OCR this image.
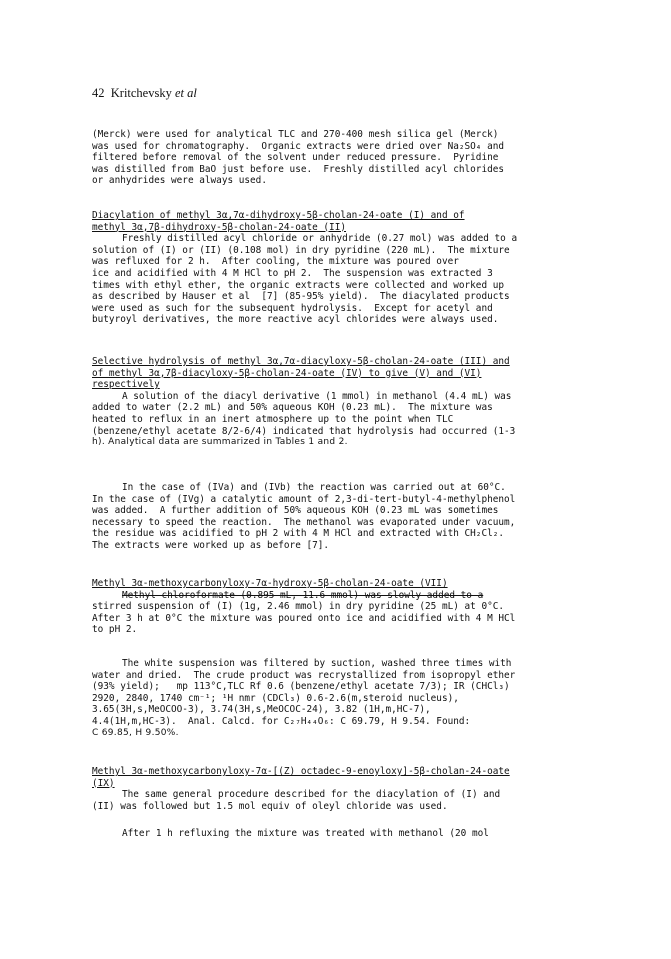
42 Kritchevsky et al
(Merck) were used for analytical TLC and 270-400 mesh silica gel (Merck)
was used for chromatography.  Organic extracts were dried over Na₂SO₄ and
filtered before removal of the solvent under reduced pressure.  Pyridine
was distilled from BaO just before use.  Freshly distilled acyl chlorides
or anhydrides were always used.
Diacylation of methyl 3α,7α-dihydroxy-5β-cholan-24-oate (I) and of
methyl 3α,7β-dihydroxy-5β-cholan-24-oate (II)
Freshly distilled acyl chloride or anhydride (0.27 mol) was added to a
solution of (I) or (II) (0.108 mol) in dry pyridine (220 mL).  The mixture
was refluxed for 2 h.  After cooling, the mixture was poured over
ice and acidified with 4 M HCl to pH 2.  The suspension was extracted 3
times with ethyl ether, the organic extracts were collected and worked up
as described by Hauser et al  [7] (85-95% yield).  The diacylated products
were used as such for the subsequent hydrolysis.  Except for acetyl and
butyroyl derivatives, the more reactive acyl chlorides were always used.
Selective hydrolysis of methyl 3α,7α-diacyloxy-5β-cholan-24-oate (III) and
of methyl 3α,7β-diacyloxy-5β-cholan-24-oate (IV) to give (V) and (VI)
respectively
A solution of the diacyl derivative (1 mmol) in methanol (4.4 mL) was
added to water (2.2 mL) and 50% aqueous KOH (0.23 mL).  The mixture was
heated to reflux in an inert atmosphere up to the point when TLC
(benzene/ethyl acetate 8/2-6/4) indicated that hydrolysis had occurred (1-3
h). Analytical data are summarized in Tables 1 and 2.
In the case of (IVa) and (IVb) the reaction was carried out at 60°C.
In the case of (IVg) a catalytic amount of 2,3-di-tert-butyl-4-methylphenol
was added.  A further addition of 50% aqueous KOH (0.23 mL was sometimes
necessary to speed the reaction.  The methanol was evaporated under vacuum,
the residue was acidified to pH 2 with 4 M HCl and extracted with CH₂Cl₂.
The extracts were worked up as before [7].
Methyl 3α-methoxycarbonyloxy-7α-hydroxy-5β-cholan-24-oate (VII)
Methyl chloroformate (0.895 mL, 11.6 mmol) was slowly added to a
stirred suspension of (I) (1g, 2.46 mmol) in dry pyridine (25 mL) at 0°C.
After 3 h at 0°C the mixture was poured onto ice and acidified with 4 M HCl
to pH 2.
The white suspension was filtered by suction, washed three times with
water and dried.  The crude product was recrystallized from isopropyl ether
(93% yield);   mp 113°C,TLC Rf 0.6 (benzene/ethyl acetate 7/3); IR (CHCl₃)
2920, 2840, 1740 cm⁻¹; ¹H nmr (CDCl₃) 0.6-2.6(m,steroid nucleus),
3.65(3H,s,MeOCOO-3), 3.74(3H,s,MeOCOC-24), 3.82 (1H,m,HC-7),
4.4(1H,m,HC-3).  Anal. Calcd. for C₂₇H₄₄O₆: C 69.79, H 9.54. Found:
C 69.85, H 9.50%.
Methyl 3α-methoxycarbonyloxy-7α-[(Z) octadec-9-enoyloxy]-5β-cholan-24-oate
(IX)
The same general procedure described for the diacylation of (I) and
(II) was followed but 1.5 mol equiv of oleyl chloride was used.
After 1 h refluxing the mixture was treated with methanol (20 mol
